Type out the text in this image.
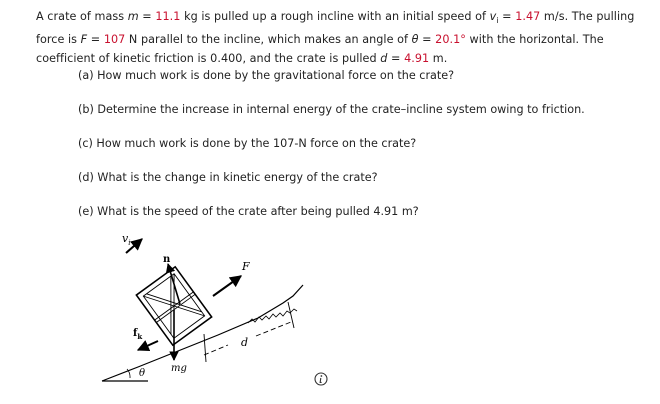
A crate of mass m = 11.1 kg is pulled up a rough incline with an initial speed of $v_i = 1.47$ m/s. The pulling force is F = 107 N parallel to the incline, which makes an angle of θ = 20.1° with the horizontal. The coefficient of kinetic friction is 0.400, and the crate is pulled d = 4.91 m.
(a) How much work is done by the gravitational force on the crate?
(b) Determine the increase in internal energy of the crate–incline system owing to friction.
(c) How much work is done by the 107-N force on the crate?
(d) What is the change in kinetic energy of the crate?
(e) What is the speed of the crate after being pulled 4.91 m?
$v_i$
n
F
$f_k$	d
mg
θ
